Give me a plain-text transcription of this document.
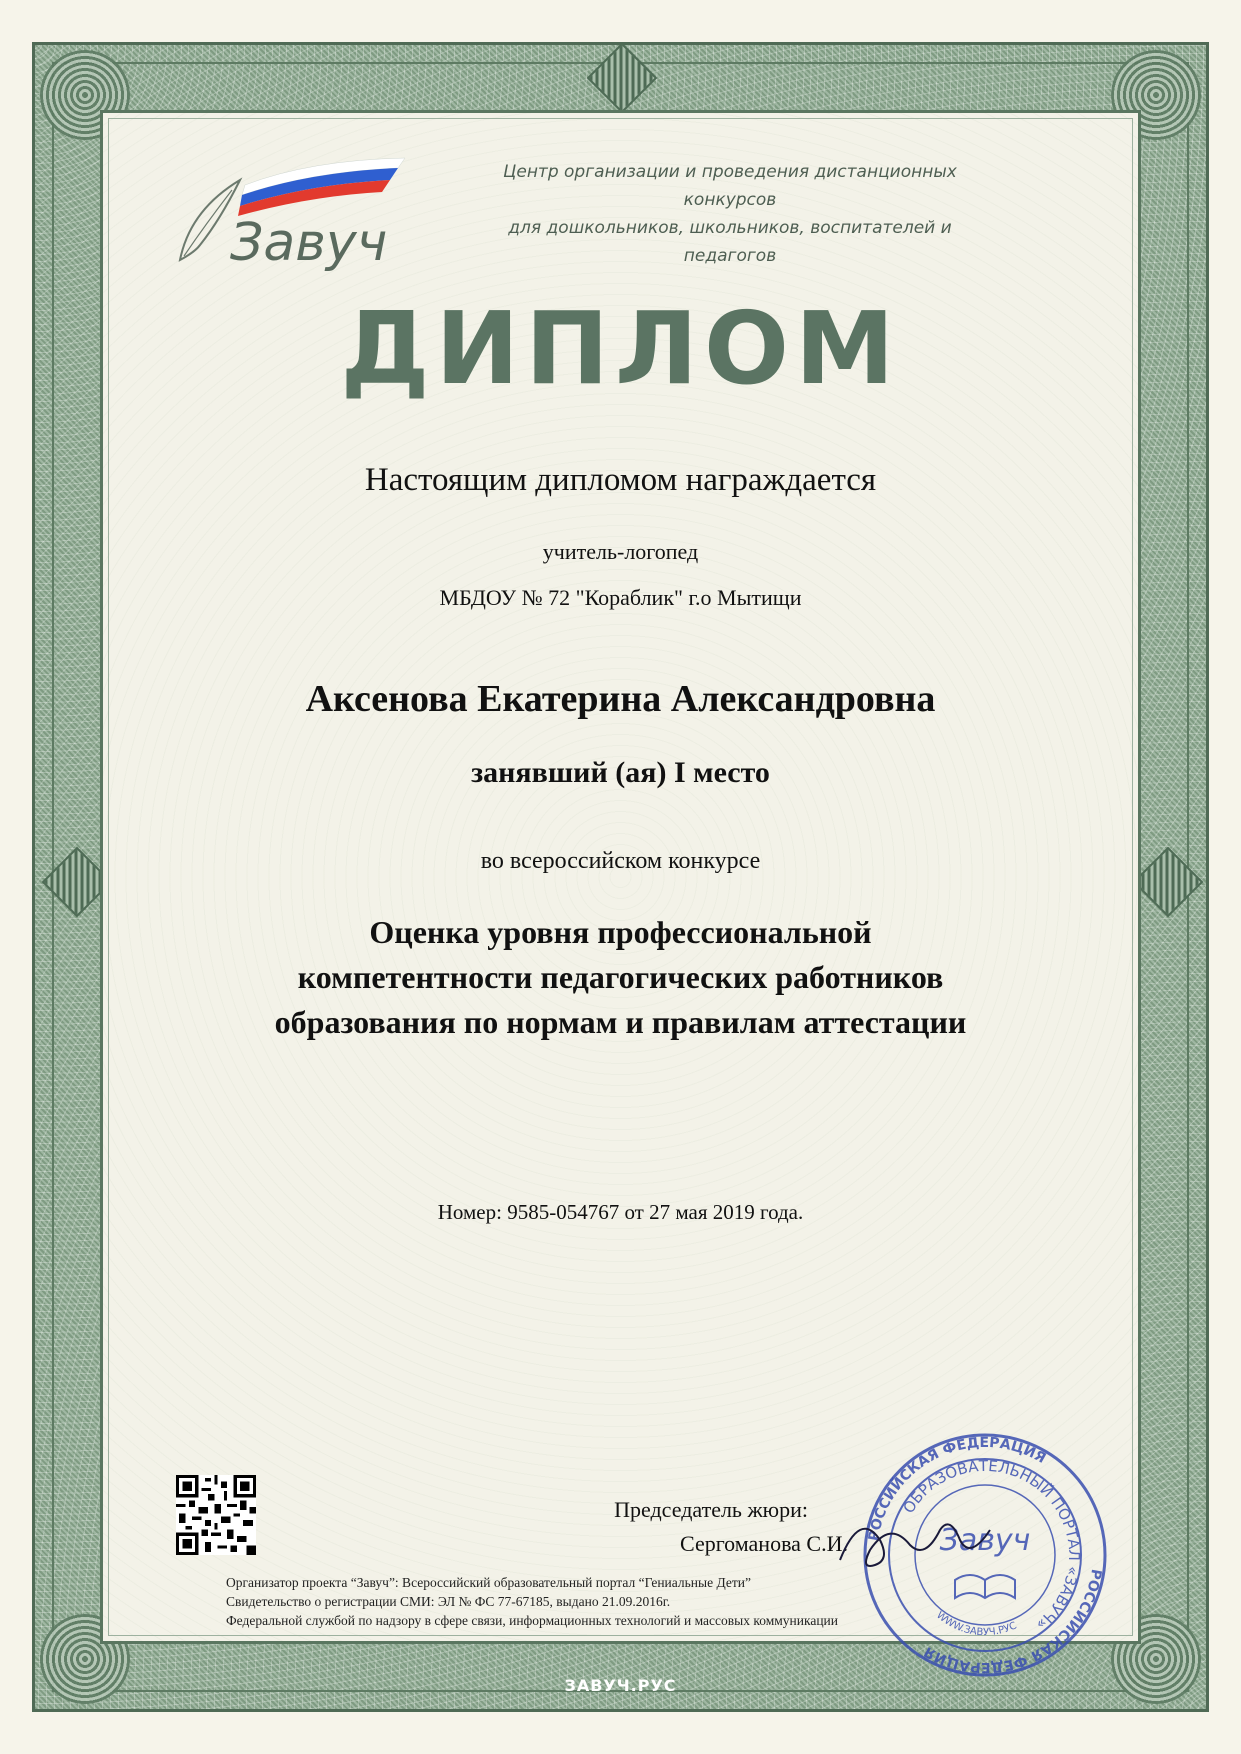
Завуч
Центр организации и проведения дистанционных конкурсов
для дошкольников, школьников, воспитателей и педагогов
ДИПЛОМ
Настоящим дипломом награждается
учитель-логопед
МБДОУ № 72 "Кораблик" г.о Мытищи
Аксенова Екатерина Александровна
занявший (ая) I место
во всероссийском конкурсе
Оценка уровня профессиональной
компетентности педагогических работников
образования по нормам и правилам аттестации
Номер: 9585-054767 от 27 мая 2019 года.
Председатель жюри:
Сергоманова С.И.
Организатор проекта “Завуч”: Всероссийский образовательный портал “Гениальные Дети”
Свидетельство о регистрации СМИ: ЭЛ № ФС 77-67185, выдано 21.09.2016г.
Федеральной службой по надзору в сфере связи, информационных технологий и массовых коммуникации
РОССИЙСКАЯ ФЕДЕРАЦИЯ
РОССИЙСКАЯ ФЕДЕРАЦИЯ
ОБРАЗОВАТЕЛЬНЫЙ ПОРТАЛ «ЗАВУЧ»
Завуч
WWW.ЗАВУЧ.РУС
ЗАВУЧ.РУС
